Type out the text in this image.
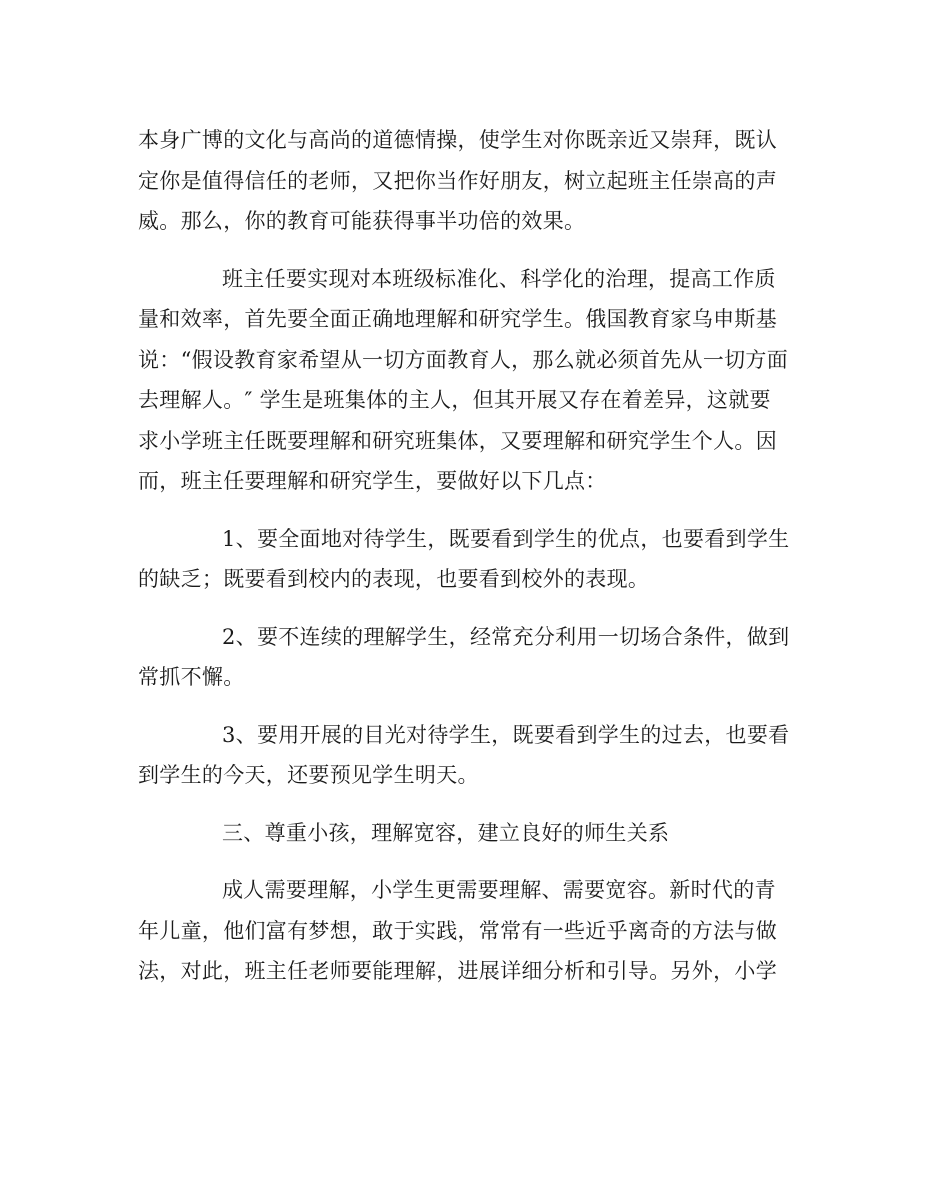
本身广博的文化与高尚的道德情操，使学生对你既亲近又崇拜，既认
定你是值得信任的老师，又把你当作好朋友，树立起班主任崇高的声
威。那么，你的教育可能获得事半功倍的效果。
班主任要实现对本班级标准化、科学化的治理，提高工作质
量和效率，首先要全面正确地理解和研究学生。俄国教育家乌申斯基
说：“假设教育家希望从一切方面教育人，那么就必须首先从一切方面
去理解人。″ 学生是班集体的主人，但其开展又存在着差异，这就要
求小学班主任既要理解和研究班集体，又要理解和研究学生个人。因
而，班主任要理解和研究学生，要做好以下几点：
1、要全面地对待学生，既要看到学生的优点，也要看到学生
的缺乏；既要看到校内的表现，也要看到校外的表现。
2、要不连续的理解学生，经常充分利用一切场合条件，做到
常抓不懈。
3、要用开展的目光对待学生，既要看到学生的过去，也要看
到学生的今天，还要预见学生明天。
三、尊重小孩，理解宽容，建立良好的师生关系
成人需要理解，小学生更需要理解、需要宽容。新时代的青
年儿童，他们富有梦想，敢于实践，常常有一些近乎离奇的方法与做
法，对此，班主任老师要能理解，进展详细分析和引导。另外，小学
